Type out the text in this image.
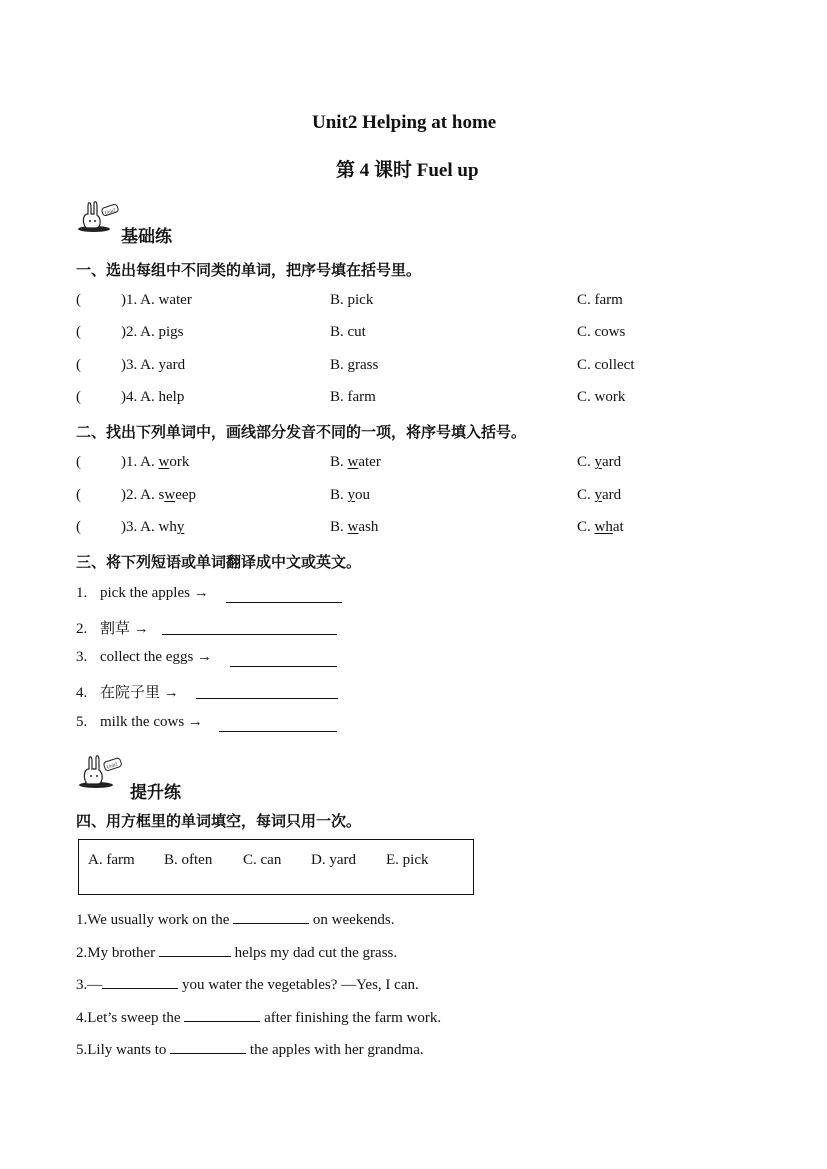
Unit2 Helping at home
第 4 课时 Fuel up
Unit2
基础练
一、选出每组中不同类的单词，把序号填在括号里。
(	)1. A. water	B. pick	C. farm
(	)2. A. pigs	B. cut	C. cows
(	)3. A. yard	B. grass	C. collect
(	)4. A. help	B. farm	C. work
二、找出下列单词中，画线部分发音不同的一项，将序号填入括号。
(	)1. A. work	B. water	C. yard
(	)2. A. sweep	B. you	C. yard
(	)3. A. why	B. wash	C. what
三、将下列短语或单词翻译成中文或英文。
1. pick the apples →
2. 割草 →
3. collect the eggs →
4. 在院子里 →
5. milk the cows →
Unit2
提升练
四、用方框里的单词填空，每词只用一次。
A. farm B. often C. can D. yard E. pick
1.We usually work on the	on weekends.
2.My brother	helps my dad cut the grass.
3.—	you water the vegetables? —Yes, I can.
4.Let’s sweep the	after finishing the farm work.
5.Lily wants to	the apples with her grandma.
